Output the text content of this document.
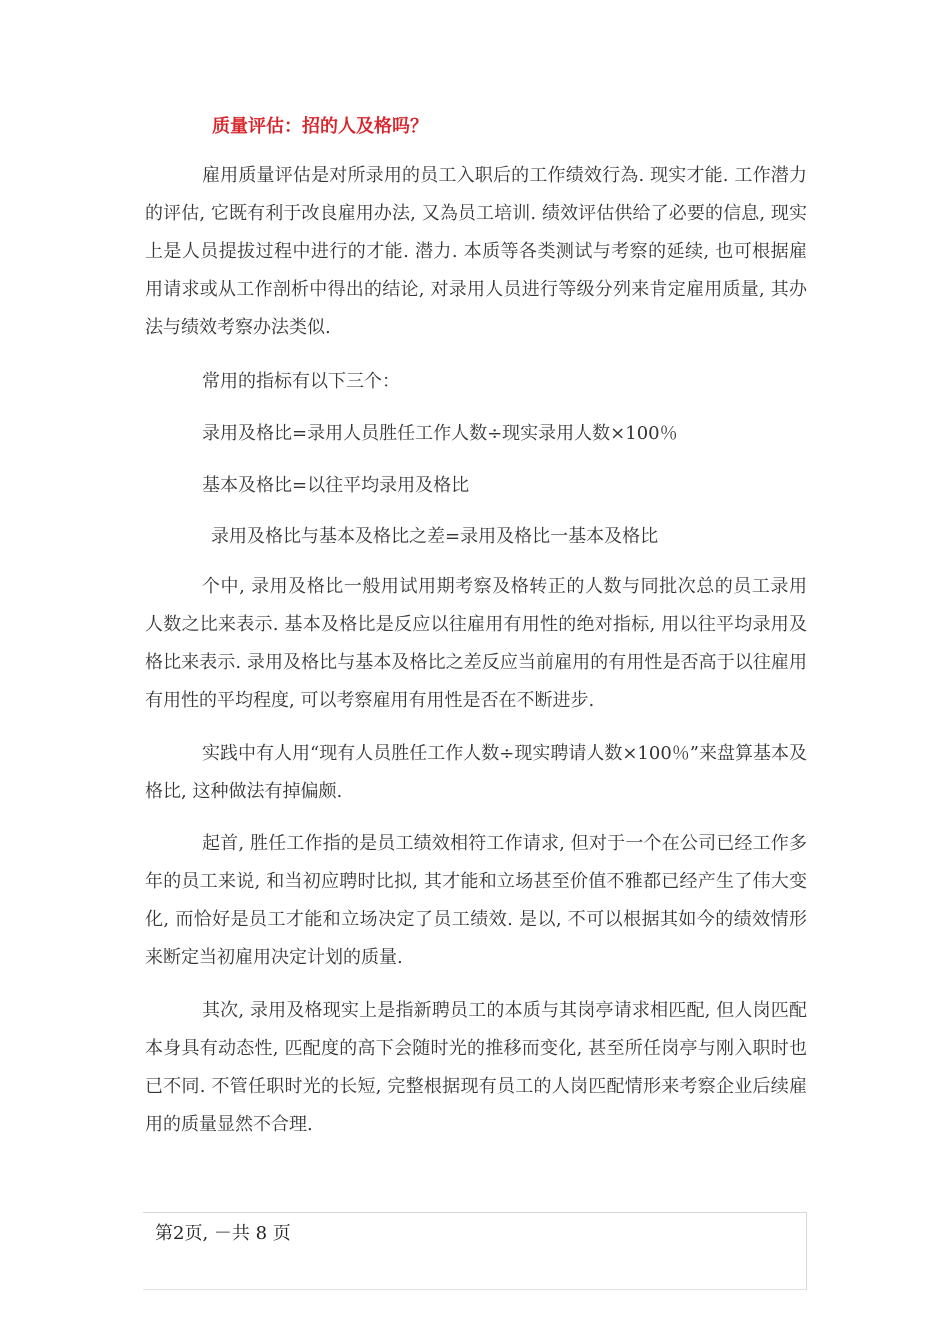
质量评估：招的人及格吗？
雇用质量评估是对所录用的员工入职后的工作绩效行為. 现实才能. 工作潜力的评估, 它既有利于改良雇用办法, 又為员工培训. 绩效评估供给了必要的信息, 现实上是人员提拔过程中进行的才能. 潜力. 本质等各类测试与考察的延续, 也可根据雇用请求或从工作剖析中得出的结论, 对录用人员进行等级分列来肯定雇用质量, 其办法与绩效考察办法类似.
常用的指标有以下三个：
录用及格比=录用人员胜任工作人数÷现实录用人数×100％
基本及格比=以往平均录用及格比
录用及格比与基本及格比之差=录用及格比一基本及格比
个中, 录用及格比一般用试用期考察及格转正的人数与同批次总的员工录用人数之比来表示. 基本及格比是反应以往雇用有用性的绝对指标, 用以往平均录用及格比来表示. 录用及格比与基本及格比之差反应当前雇用的有用性是否高于以往雇用有用性的平均程度, 可以考察雇用有用性是否在不断进步.
实践中有人用“现有人员胜任工作人数÷现实聘请人数×100％”来盘算基本及格比, 这种做法有掉偏颇.
起首, 胜任工作指的是员工绩效相符工作请求, 但对于一个在公司已经工作多年的员工来说, 和当初应聘时比拟, 其才能和立场甚至价值不雅都已经产生了伟大变化, 而恰好是员工才能和立场决定了员工绩效. 是以, 不可以根据其如今的绩效情形来断定当初雇用决定计划的质量.
其次, 录用及格现实上是指新聘员工的本质与其岗亭请求相匹配, 但人岗匹配本身具有动态性, 匹配度的高下会随时光的推移而变化, 甚至所任岗亭与刚入职时也已不同. 不管任职时光的长短, 完整根据现有员工的人岗匹配情形来考察企业后续雇用的质量显然不合理.
第2页, －共 8 页
